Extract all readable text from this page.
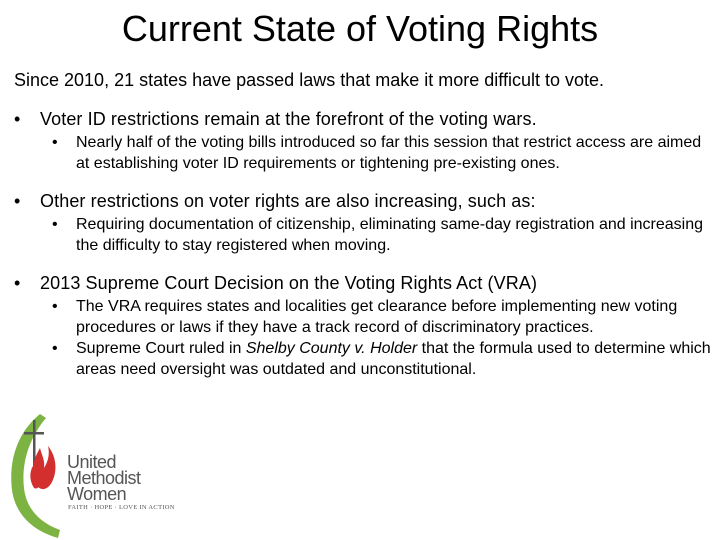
Current State of Voting Rights
Since 2010, 21 states have passed laws that make it more difficult to vote.
• Voter ID restrictions remain at the forefront of the voting wars.
• Nearly half of the voting bills introduced so far this session that restrict access are aimed at establishing voter ID requirements or tightening pre-existing ones.
• Other restrictions on voter rights are also increasing, such as:
• Requiring documentation of citizenship, eliminating same-day registration and increasing the difficulty to stay registered when moving.
• 2013 Supreme Court Decision on the Voting Rights Act (VRA)
• The VRA requires states and localities get clearance before implementing new voting procedures or laws if they have a track record of discriminatory practices.
• Supreme Court ruled in Shelby County v. Holder that the formula used to determine which areas need oversight was outdated and unconstitutional.
United
Methodist
Women
FAITH · HOPE · LOVE IN ACTION
